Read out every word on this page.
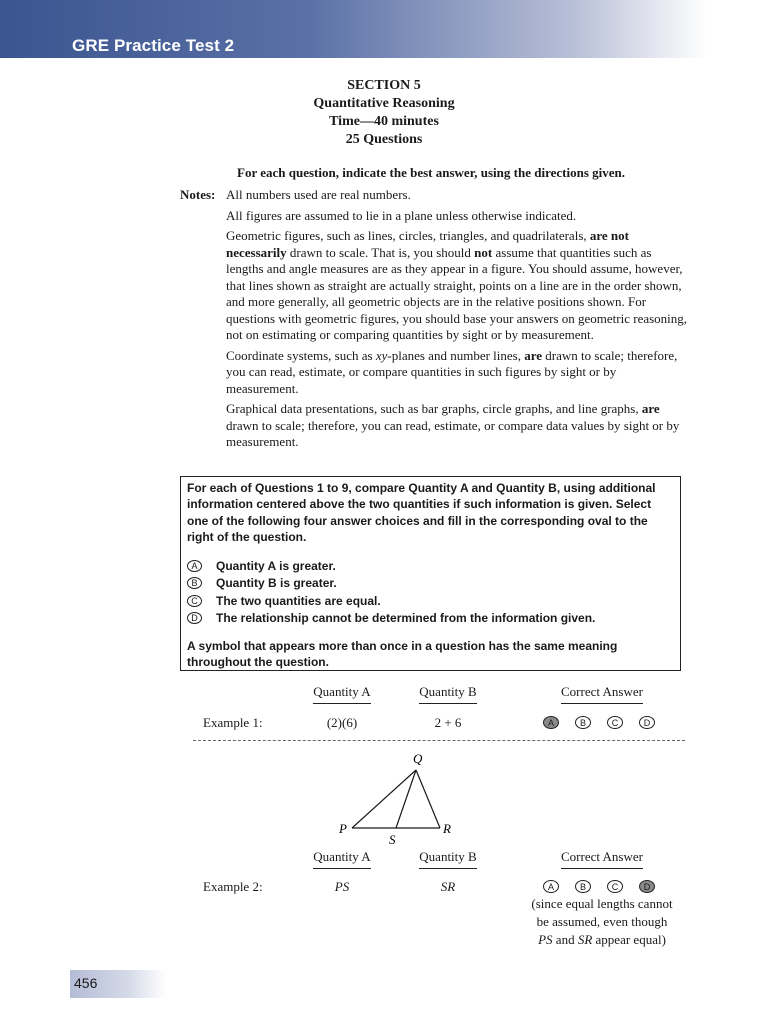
GRE Practice Test 2
SECTION 5
Quantitative Reasoning
Time—40 minutes
25 Questions
For each question, indicate the best answer, using the directions given.
Notes: All numbers used are real numbers.
All figures are assumed to lie in a plane unless otherwise indicated.
Geometric figures, such as lines, circles, triangles, and quadrilaterals, are not necessarily drawn to scale. That is, you should not assume that quantities such as lengths and angle measures are as they appear in a figure. You should assume, however, that lines shown as straight are actually straight, points on a line are in the order shown, and more generally, all geometric objects are in the relative positions shown. For questions with geometric figures, you should base your answers on geometric reasoning, not on estimating or comparing quantities by sight or by measurement.
Coordinate systems, such as xy-planes and number lines, are drawn to scale; therefore, you can read, estimate, or compare quantities in such figures by sight or by measurement.
Graphical data presentations, such as bar graphs, circle graphs, and line graphs, are drawn to scale; therefore, you can read, estimate, or compare data values by sight or by measurement.
For each of Questions 1 to 9, compare Quantity A and Quantity B, using additional information centered above the two quantities if such information is given. Select one of the following four answer choices and fill in the corresponding oval to the right of the question.
A	Quantity A is greater.
B	Quantity B is greater.
C	The two quantities are equal.
D	The relationship cannot be determined from the information given.
A symbol that appears more than once in a question has the same meaning throughout the question.
Quantity A	Quantity B	Correct Answer
Example 1:	(2)(6)	2 + 6	A	B	C	D
Q
P
S
R
Quantity A	Quantity B	Correct Answer
Example 2:	PS	SR	A	B	C	D
(since equal lengths cannot
be assumed, even though
PS and SR appear equal)
456
